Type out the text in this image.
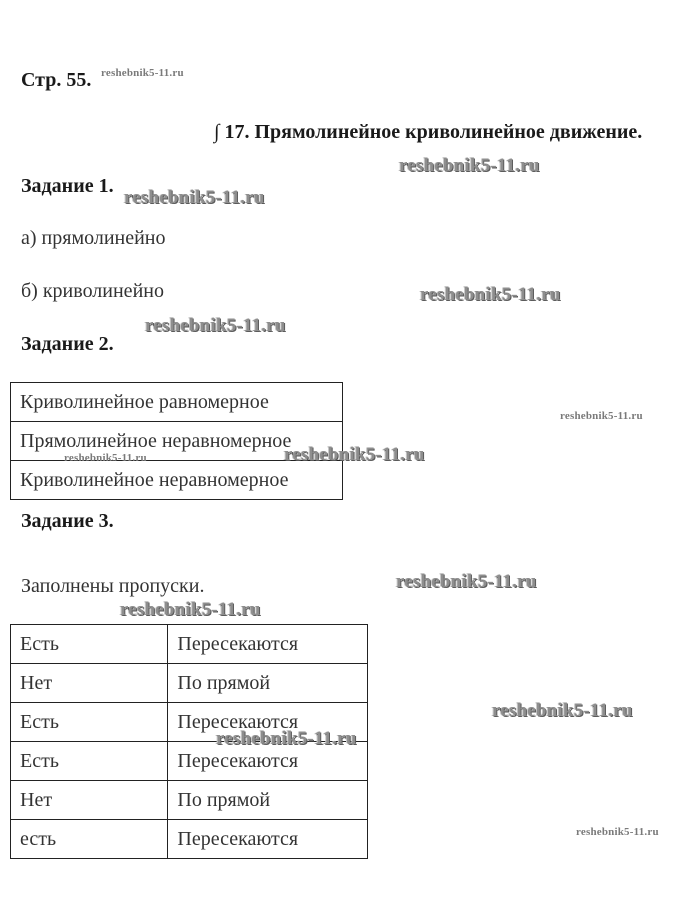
Стр. 55.
∫ 17. Прямолинейное криволинейное движение.
Задание 1.
а) прямолинейно
б) криволинейно
Задание 2.
Криволинейное равномерное
Прямолинейное неравномерное
Криволинейное неравномерное
Задание 3.
Заполнены пропуски.
Есть	Пересекаются
Нет	По прямой
Есть	Пересекаются
Есть	Пересекаются
Нет	По прямой
есть	Пересекаются
reshebnik5-11.ru
reshebnik5-11.ru
reshebnik5-11.ru
reshebnik5-11.ru
reshebnik5-11.ru
reshebnik5-11.ru
reshebnik5-11.ru
reshebnik5-11.ru
reshebnik5-11.ru
reshebnik5-11.ru
reshebnik5-11.ru
reshebnik5-11.ru
reshebnik5-11.ru
